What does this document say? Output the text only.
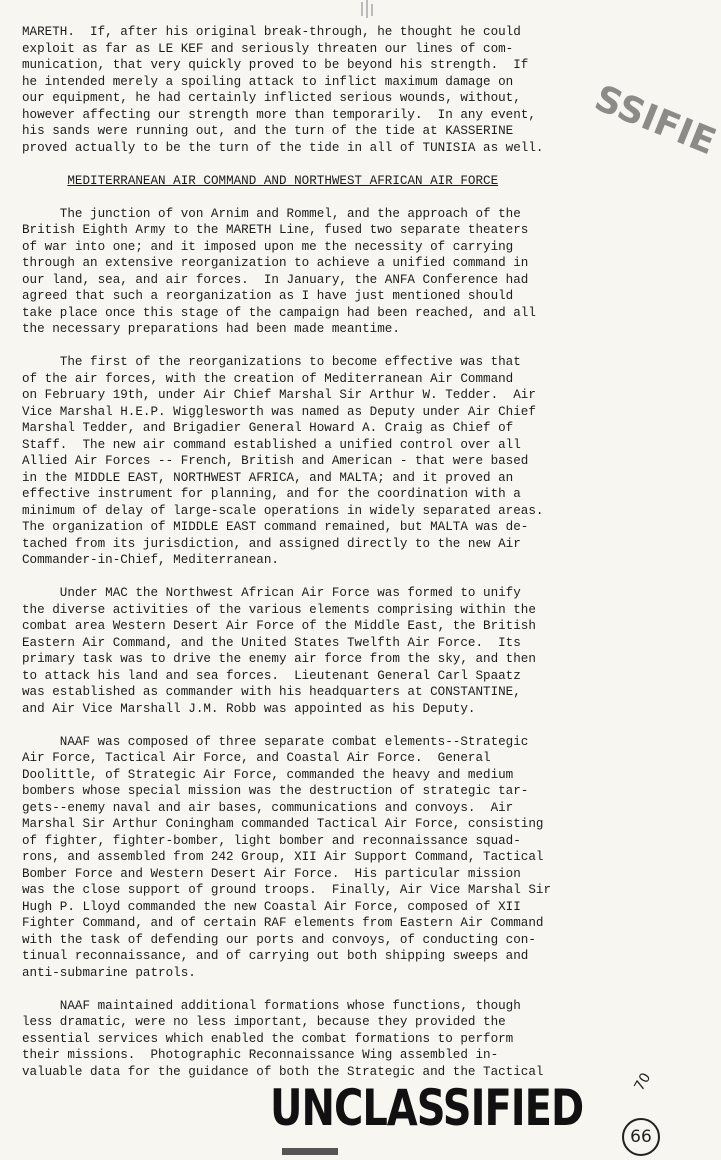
MARETH.  If, after his original break-through, he thought he could
exploit as far as LE KEF and seriously threaten our lines of com-
munication, that very quickly proved to be beyond his strength.  If
he intended merely a spoiling attack to inflict maximum damage on
our equipment, he had certainly inflicted serious wounds, without,
however affecting our strength more than temporarily.  In any event,
his sands were running out, and the turn of the tide at KASSERINE
proved actually to be the turn of the tide in all of TUNISIA as well.
MEDITERRANEAN AIR COMMAND AND NORTHWEST AFRICAN AIR FORCE
The junction of von Arnim and Rommel, and the approach of the
British Eighth Army to the MARETH Line, fused two separate theaters
of war into one; and it imposed upon me the necessity of carrying
through an extensive reorganization to achieve a unified command in
our land, sea, and air forces.  In January, the ANFA Conference had
agreed that such a reorganization as I have just mentioned should
take place once this stage of the campaign had been reached, and all
the necessary preparations had been made meantime.
The first of the reorganizations to become effective was that
of the air forces, with the creation of Mediterranean Air Command
on February 19th, under Air Chief Marshal Sir Arthur W. Tedder.  Air
Vice Marshal H.E.P. Wigglesworth was named as Deputy under Air Chief
Marshal Tedder, and Brigadier General Howard A. Craig as Chief of
Staff.  The new air command established a unified control over all
Allied Air Forces -- French, British and American - that were based
in the MIDDLE EAST, NORTHWEST AFRICA, and MALTA; and it proved an
effective instrument for planning, and for the coordination with a
minimum of delay of large-scale operations in widely separated areas.
The organization of MIDDLE EAST command remained, but MALTA was de-
tached from its jurisdiction, and assigned directly to the new Air
Commander-in-Chief, Mediterranean.
Under MAC the Northwest African Air Force was formed to unify
the diverse activities of the various elements comprising within the
combat area Western Desert Air Force of the Middle East, the British
Eastern Air Command, and the United States Twelfth Air Force.  Its
primary task was to drive the enemy air force from the sky, and then
to attack his land and sea forces.  Lieutenant General Carl Spaatz
was established as commander with his headquarters at CONSTANTINE,
and Air Vice Marshall J.M. Robb was appointed as his Deputy.
NAAF was composed of three separate combat elements--Strategic
Air Force, Tactical Air Force, and Coastal Air Force.  General
Doolittle, of Strategic Air Force, commanded the heavy and medium
bombers whose special mission was the destruction of strategic tar-
gets--enemy naval and air bases, communications and convoys.  Air
Marshal Sir Arthur Coningham commanded Tactical Air Force, consisting
of fighter, fighter-bomber, light bomber and reconnaissance squad-
rons, and assembled from 242 Group, XII Air Support Command, Tactical
Bomber Force and Western Desert Air Force.  His particular mission
was the close support of ground troops.  Finally, Air Vice Marshal Sir
Hugh P. Lloyd commanded the new Coastal Air Force, composed of XII
Fighter Command, and of certain RAF elements from Eastern Air Command
with the task of defending our ports and convoys, of conducting con-
tinual reconnaissance, and of carrying out both shipping sweeps and
anti-submarine patrols.
NAAF maintained additional formations whose functions, though
less dramatic, were no less important, because they provided the
essential services which enabled the combat formations to perform
their missions.  Photographic Reconnaissance Wing assembled in-
valuable data for the guidance of both the Strategic and the Tactical
SSIFIE
UNCLASSIFIED	70
66
